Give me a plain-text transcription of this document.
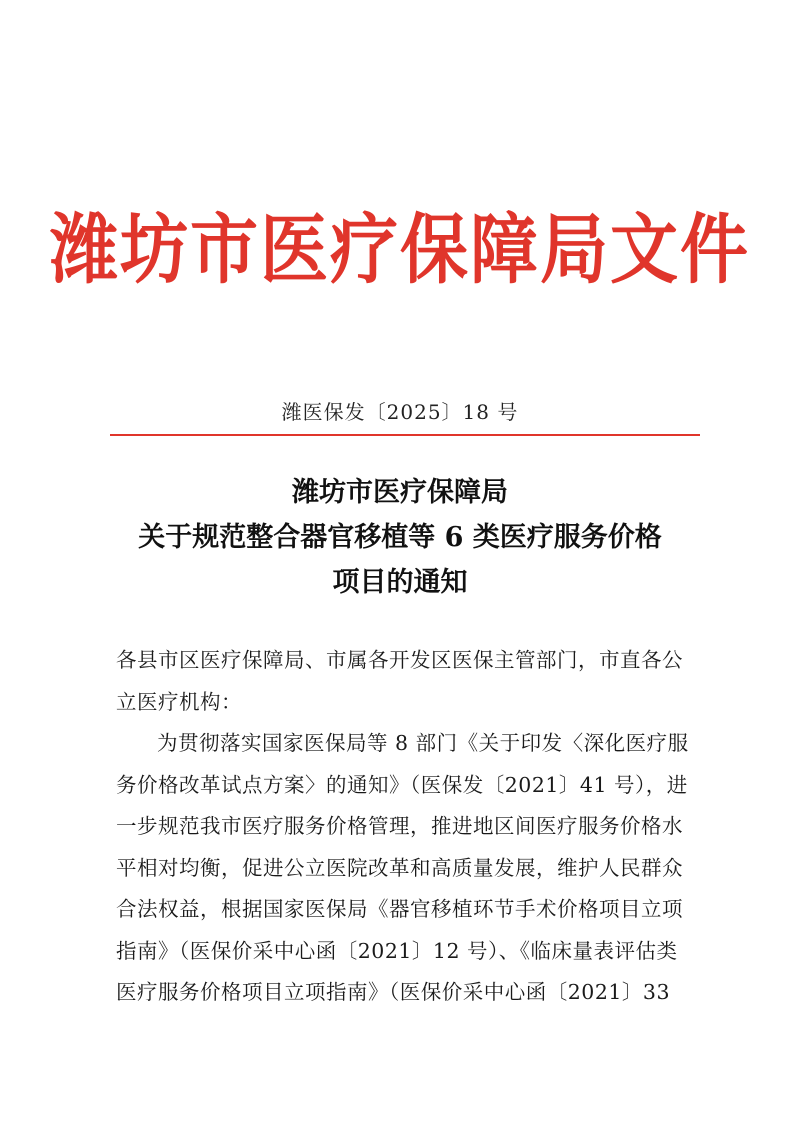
潍坊市医疗保障局文件
潍医保发〔2025〕18 号
潍坊市医疗保障局
关于规范整合器官移植等 6 类医疗服务价格
项目的通知
各县市区医疗保障局、市属各开发区医保主管部门，市直各公
立医疗机构：
为贯彻落实国家医保局等 8 部门《关于印发〈深化医疗服
务价格改革试点方案〉的通知》（医保发〔2021〕41 号），进
一步规范我市医疗服务价格管理，推进地区间医疗服务价格水
平相对均衡，促进公立医院改革和高质量发展，维护人民群众
合法权益，根据国家医保局《器官移植环节手术价格项目立项
指南》（医保价采中心函〔2021〕12 号）、《临床量表评估类
医疗服务价格项目立项指南》（医保价采中心函〔2021〕33
